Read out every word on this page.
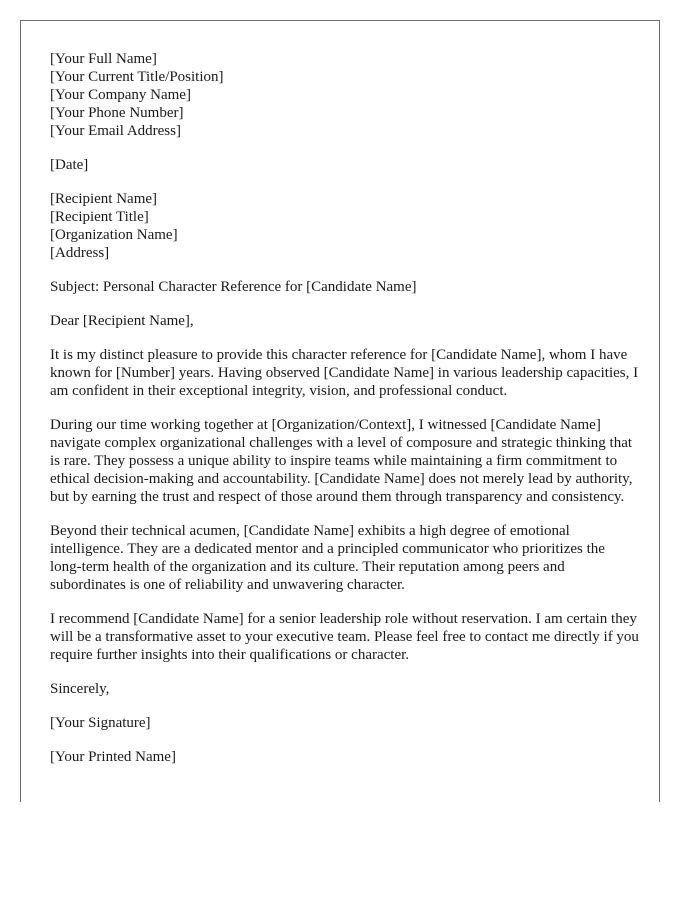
[Your Full Name]
[Your Current Title/Position]
[Your Company Name]
[Your Phone Number]
[Your Email Address]
[Date]
[Recipient Name]
[Recipient Title]
[Organization Name]
[Address]
Subject: Personal Character Reference for [Candidate Name]
Dear [Recipient Name],

It is my distinct pleasure to provide this character reference for [Candidate Name], whom I have known for [Number] years. Having observed [Candidate Name] in various leadership capacities, I am confident in their exceptional integrity, vision, and professional conduct.

During our time working together at [Organization/Context], I witnessed [Candidate Name] navigate complex organizational challenges with a level of composure and strategic thinking that is rare. They possess a unique ability to inspire teams while maintaining a firm commitment to ethical decision-making and accountability. [Candidate Name] does not merely lead by authority, but by earning the trust and respect of those around them through transparency and consistency.

Beyond their technical acumen, [Candidate Name] exhibits a high degree of emotional intelligence. They are a dedicated mentor and a principled communicator who prioritizes the long-term health of the organization and its culture. Their reputation among peers and subordinates is one of reliability and unwavering character.

I recommend [Candidate Name] for a senior leadership role without reservation. I am certain they will be a transformative asset to your executive team. Please feel free to contact me directly if you require further insights into their qualifications or character.

Sincerely,
[Your Signature]
[Your Printed Name]
